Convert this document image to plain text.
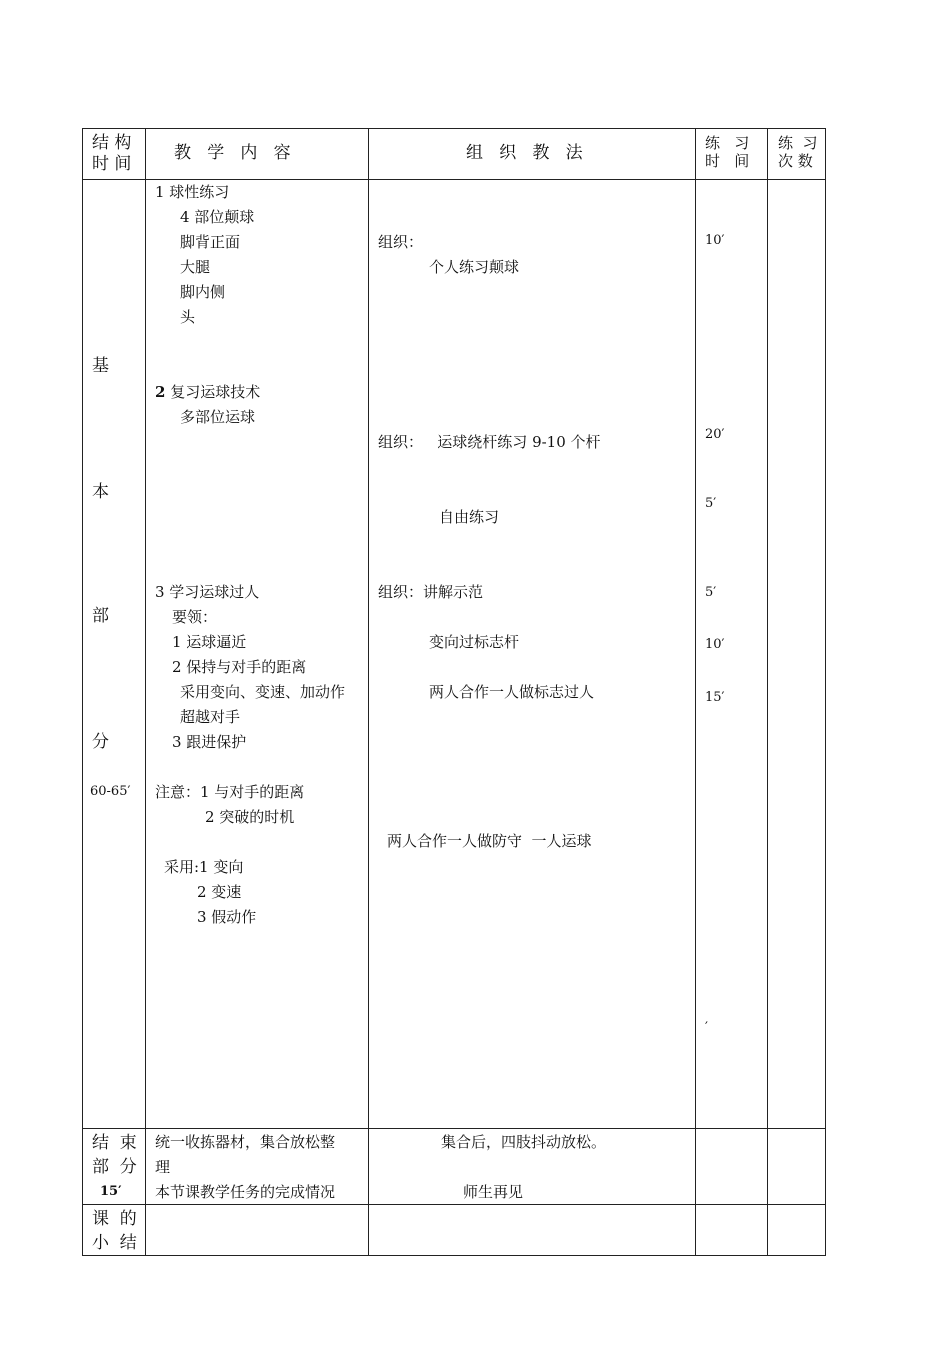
结 构
时 间
教   学   内   容	组   织   教   法	练   习
时   间
练  习
次 数
基
本
部
分
60-65′
1 球性练习
4 部位颠球
脚背正面
大腿
脚内侧
头
2 复习运球技术
多部位运球
3 学习运球过人
要领：
1 运球逼近
2 保持与对手的距离
采用变向、变速、加动作
超越对手
3 跟进保护
注意：1 与对手的距离
2 突破的时机
采用:1 变向
2 变速
3 假动作
组织：
个人练习颠球
组织：   运球绕杆练习 9-10 个杆
自由练习
组织：讲解示范
变向过标志杆
两人合作一人做标志过人
两人合作一人做防守  一人运球
10′
20′
5′
5′
10′
15′
′
结  束
部  分
15′
统一收拣器材，集合放松整
理
本节课教学任务的完成情况
集合后，四肢抖动放松。
师生再见
课  的
小  结
